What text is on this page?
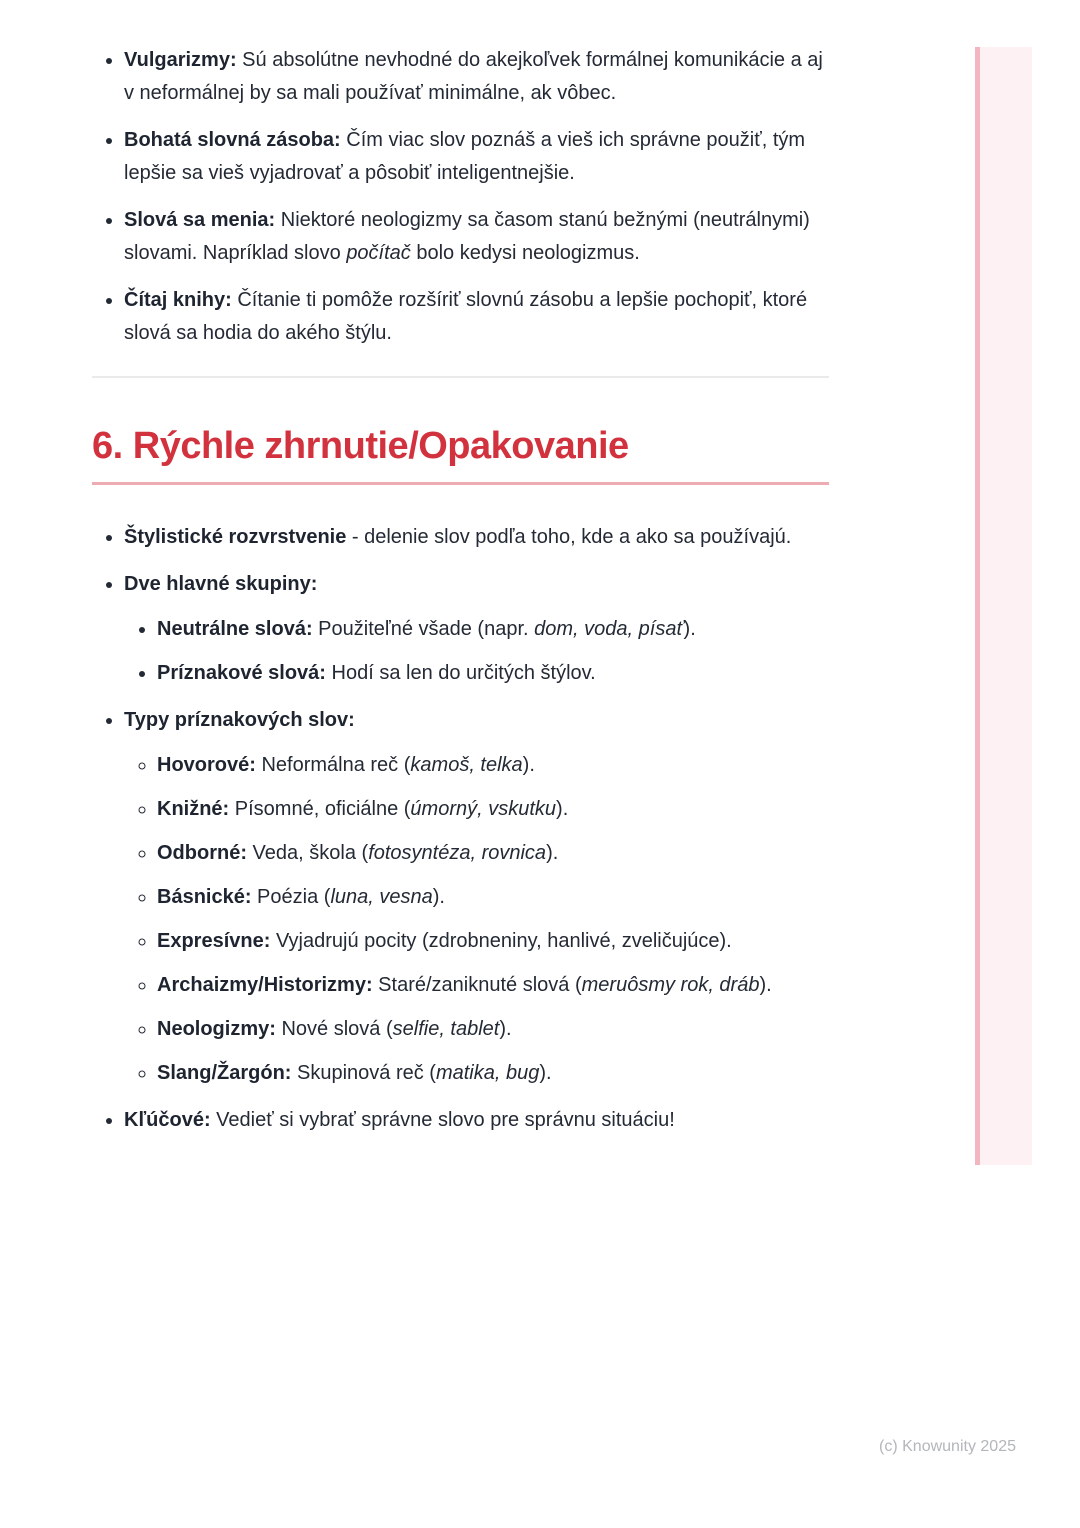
• Vulgarizmy: Sú absolútne nevhodné do akejkoľvek formálnej komunikácie a aj v neformálnej by sa mali používať minimálne, ak vôbec.
• Bohatá slovná zásoba: Čím viac slov poznáš a vieš ich správne použiť, tým lepšie sa vieš vyjadrovať a pôsobiť inteligentnejšie.
• Slová sa menia: Niektoré neologizmy sa časom stanú bežnými (neutrálnymi) slovami. Napríklad slovo počítač bolo kedysi neologizmus.
• Čítaj knihy: Čítanie ti pomôže rozšíriť slovnú zásobu a lepšie pochopiť, ktoré slová sa hodia do akého štýlu.
6. Rýchle zhrnutie/Opakovanie
• Štylistické rozvrstvenie - delenie slov podľa toho, kde a ako sa používajú.
• Dve hlavné skupiny:
• Neutrálne slová: Použiteľné všade (napr. dom, voda, písať).
• Príznakové slová: Hodí sa len do určitých štýlov.
• Typy príznakových slov:
◦ Hovorové: Neformálna reč (kamoš, telka).
◦ Knižné: Písomné, oficiálne (úmorný, vskutku).
◦ Odborné: Veda, škola (fotosyntéza, rovnica).
◦ Básnické: Poézia (luna, vesna).
◦ Expresívne: Vyjadrujú pocity (zdrobneniny, hanlivé, zveličujúce).
◦ Archaizmy/Historizmy: Staré/zaniknuté slová (meruôsmy rok, dráb).
◦ Neologizmy: Nové slová (selfie, tablet).
◦ Slang/Žargón: Skupinová reč (matika, bug).
• Kľúčové: Vedieť si vybrať správne slovo pre správnu situáciu!
(c) Knowunity 2025
